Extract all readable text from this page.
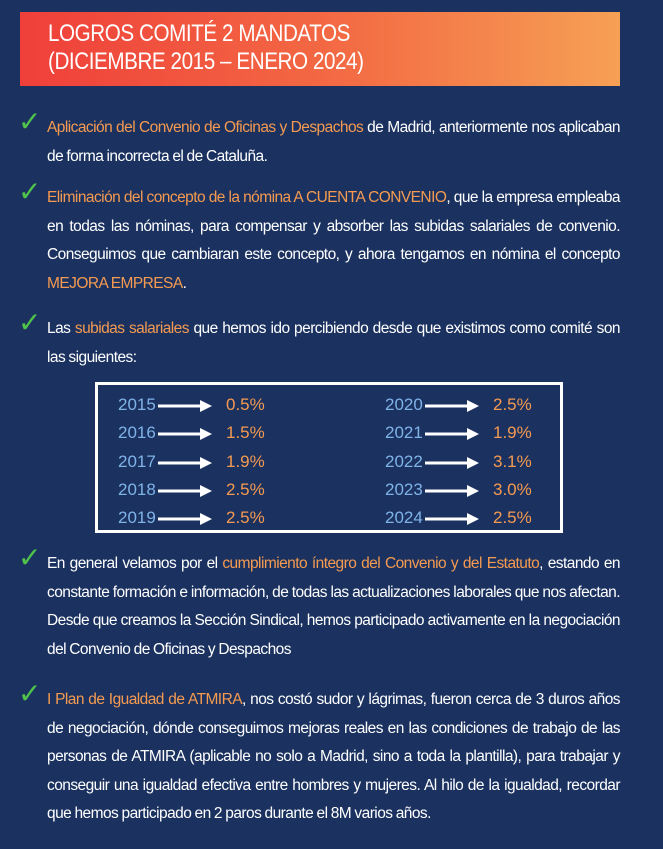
LOGROS COMITÉ 2 MANDATOS
(DICIEMBRE 2015 – ENERO 2024)
✓ Aplicación del Convenio de Oficinas y Despachos de Madrid, anteriormente nos aplicaban de forma incorrecta el de Cataluña.
✓ Eliminación del concepto de la nómina A CUENTA CONVENIO, que la empresa empleaba en todas las nóminas, para compensar y absorber las subidas salariales de convenio. Conseguimos que cambiaran este concepto, y ahora tengamos en nómina el concepto MEJORA EMPRESA.
✓ Las subidas salariales que hemos ido percibiendo desde que existimos como comité son las siguientes:
2015	0.5%
2016	1.5%
2017	1.9%
2018	2.5%
2019	2.5%
2020	2.5%
2021	1.9%
2022	3.1%
2023	3.0%
2024	2.5%
✓ En general velamos por el cumplimiento íntegro del Convenio y del Estatuto, estando en constante formación e información, de todas las actualizaciones laborales que nos afectan. Desde que creamos la Sección Sindical, hemos participado activamente en la negociación del Convenio de Oficinas y Despachos
✓ I Plan de Igualdad de ATMIRA, nos costó sudor y lágrimas, fueron cerca de 3 duros años de negociación, dónde conseguimos mejoras reales en las condiciones de trabajo de las personas de ATMIRA (aplicable no solo a Madrid, sino a toda la plantilla), para trabajar y conseguir una igualdad efectiva entre hombres y mujeres. Al hilo de la igualdad, recordar que hemos participado en 2 paros durante el 8M varios años.
